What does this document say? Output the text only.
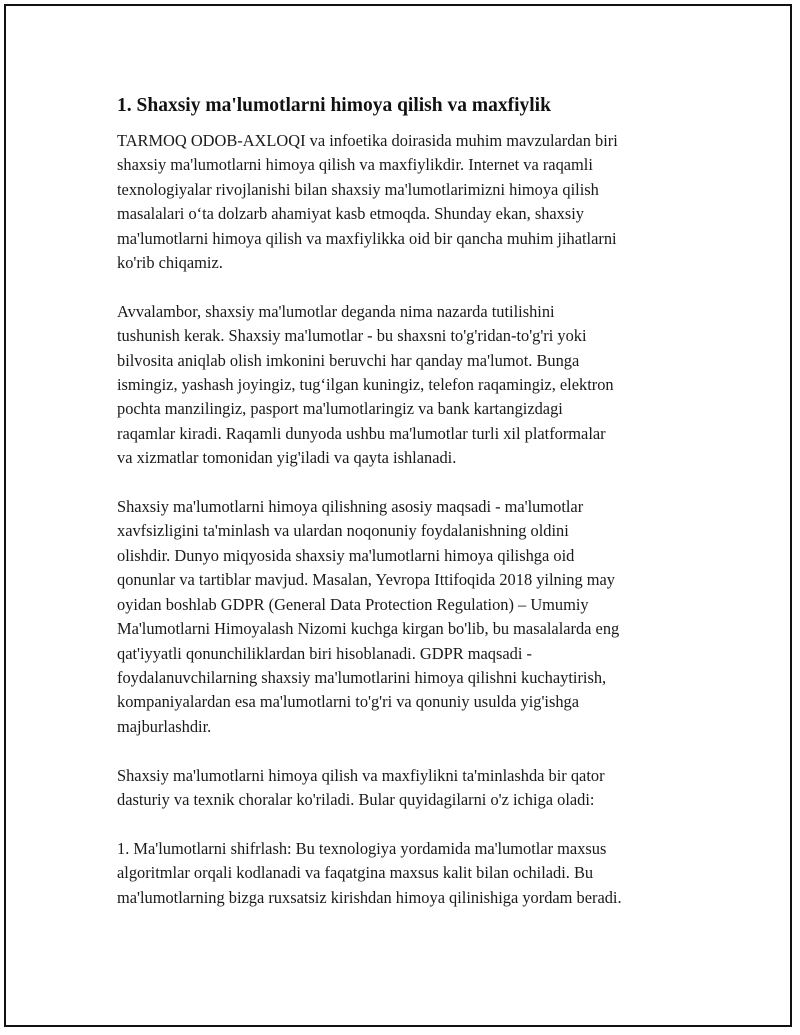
1. Shaxsiy ma'lumotlarni himoya qilish va maxfiylik

TARMOQ ODOB-AXLOQI va infoetika doirasida muhim mavzulardan biri
shaxsiy ma'lumotlarni himoya qilish va maxfiylikdir. Internet va raqamli
texnologiyalar rivojlanishi bilan shaxsiy ma'lumotlarimizni himoya qilish
masalalari o‘ta dolzarb ahamiyat kasb etmoqda. Shunday ekan, shaxsiy
ma'lumotlarni himoya qilish va maxfiylikka oid bir qancha muhim jihatlarni
ko'rib chiqamiz.

Avvalambor, shaxsiy ma'lumotlar deganda nima nazarda tutilishini
tushunish kerak. Shaxsiy ma'lumotlar - bu shaxsni to'g'ridan-to'g'ri yoki
bilvosita aniqlab olish imkonini beruvchi har qanday ma'lumot. Bunga
ismingiz, yashash joyingiz, tug‘ilgan kuningiz, telefon raqamingiz, elektron
pochta manzilingiz, pasport ma'lumotlaringiz va bank kartangizdagi
raqamlar kiradi. Raqamli dunyoda ushbu ma'lumotlar turli xil platformalar
va xizmatlar tomonidan yig'iladi va qayta ishlanadi.

Shaxsiy ma'lumotlarni himoya qilishning asosiy maqsadi - ma'lumotlar
xavfsizligini ta'minlash va ulardan noqonuniy foydalanishning oldini
olishdir. Dunyo miqyosida shaxsiy ma'lumotlarni himoya qilishga oid
qonunlar va tartiblar mavjud. Masalan, Yevropa Ittifoqida 2018 yilning may
oyidan boshlab GDPR (General Data Protection Regulation) – Umumiy
Ma'lumotlarni Himoyalash Nizomi kuchga kirgan bo'lib, bu masalalarda eng
qat'iyyatli qonunchiliklardan biri hisoblanadi. GDPR maqsadi -
foydalanuvchilarning shaxsiy ma'lumotlarini himoya qilishni kuchaytirish,
kompaniyalardan esa ma'lumotlarni to'g'ri va qonuniy usulda yig'ishga
majburlashdir.

Shaxsiy ma'lumotlarni himoya qilish va maxfiylikni ta'minlashda bir qator
dasturiy va texnik choralar ko'riladi. Bular quyidagilarni o'z ichiga oladi:

1. Ma'lumotlarni shifrlash: Bu texnologiya yordamida ma'lumotlar maxsus
algoritmlar orqali kodlanadi va faqatgina maxsus kalit bilan ochiladi. Bu
ma'lumotlarning bizga ruxsatsiz kirishdan himoya qilinishiga yordam beradi.
